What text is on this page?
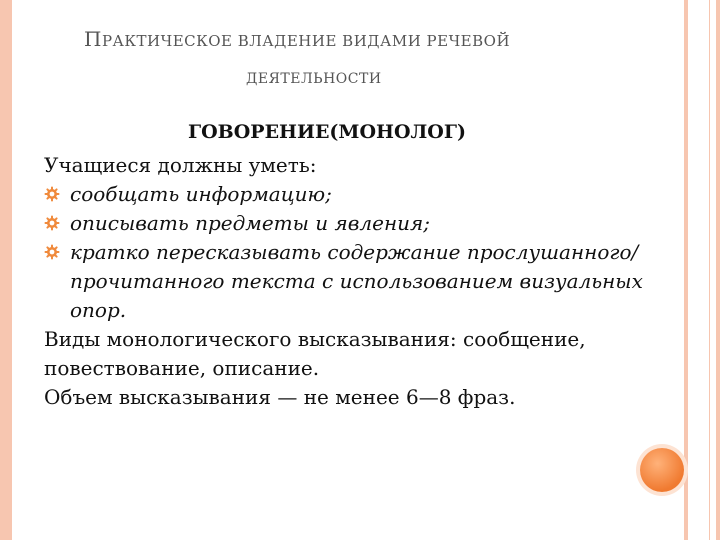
ПРАКТИЧЕСКОЕ ВЛАДЕНИЕ ВИДАМИ РЕЧЕВОЙ
ДЕЯТЕЛЬНОСТИ
ГОВОРЕНИЕ(МОНОЛОГ)
Учащиеся должны уметь:
сообщать информацию;
описывать предметы и явления;
кратко пересказывать содержание прослушанного/прочитанного текста с использованием визуальных опор.
Виды монологического высказывания: сообщение, повествование, описание.
Объем высказывания — не менее 6—8 фраз.
